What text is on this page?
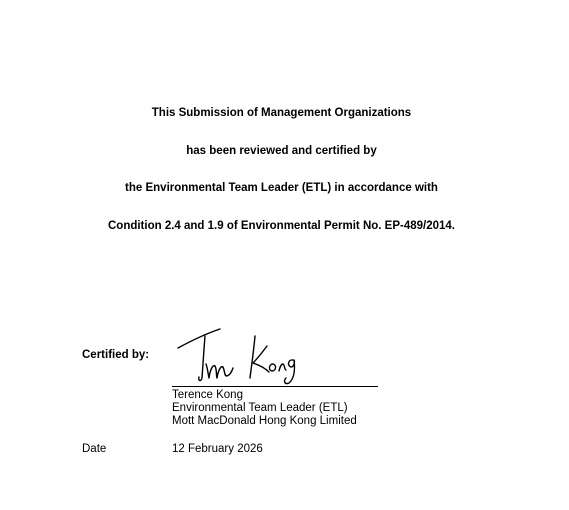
This Submission of Management Organizations
has been reviewed and certified by
the Environmental Team Leader (ETL) in accordance with
Condition 2.4 and 1.9 of Environmental Permit No. EP-489/2014.
Certified by:
Terence Kong
Environmental Team Leader (ETL)
Mott MacDonald Hong Kong Limited
Date	12 February 2026
